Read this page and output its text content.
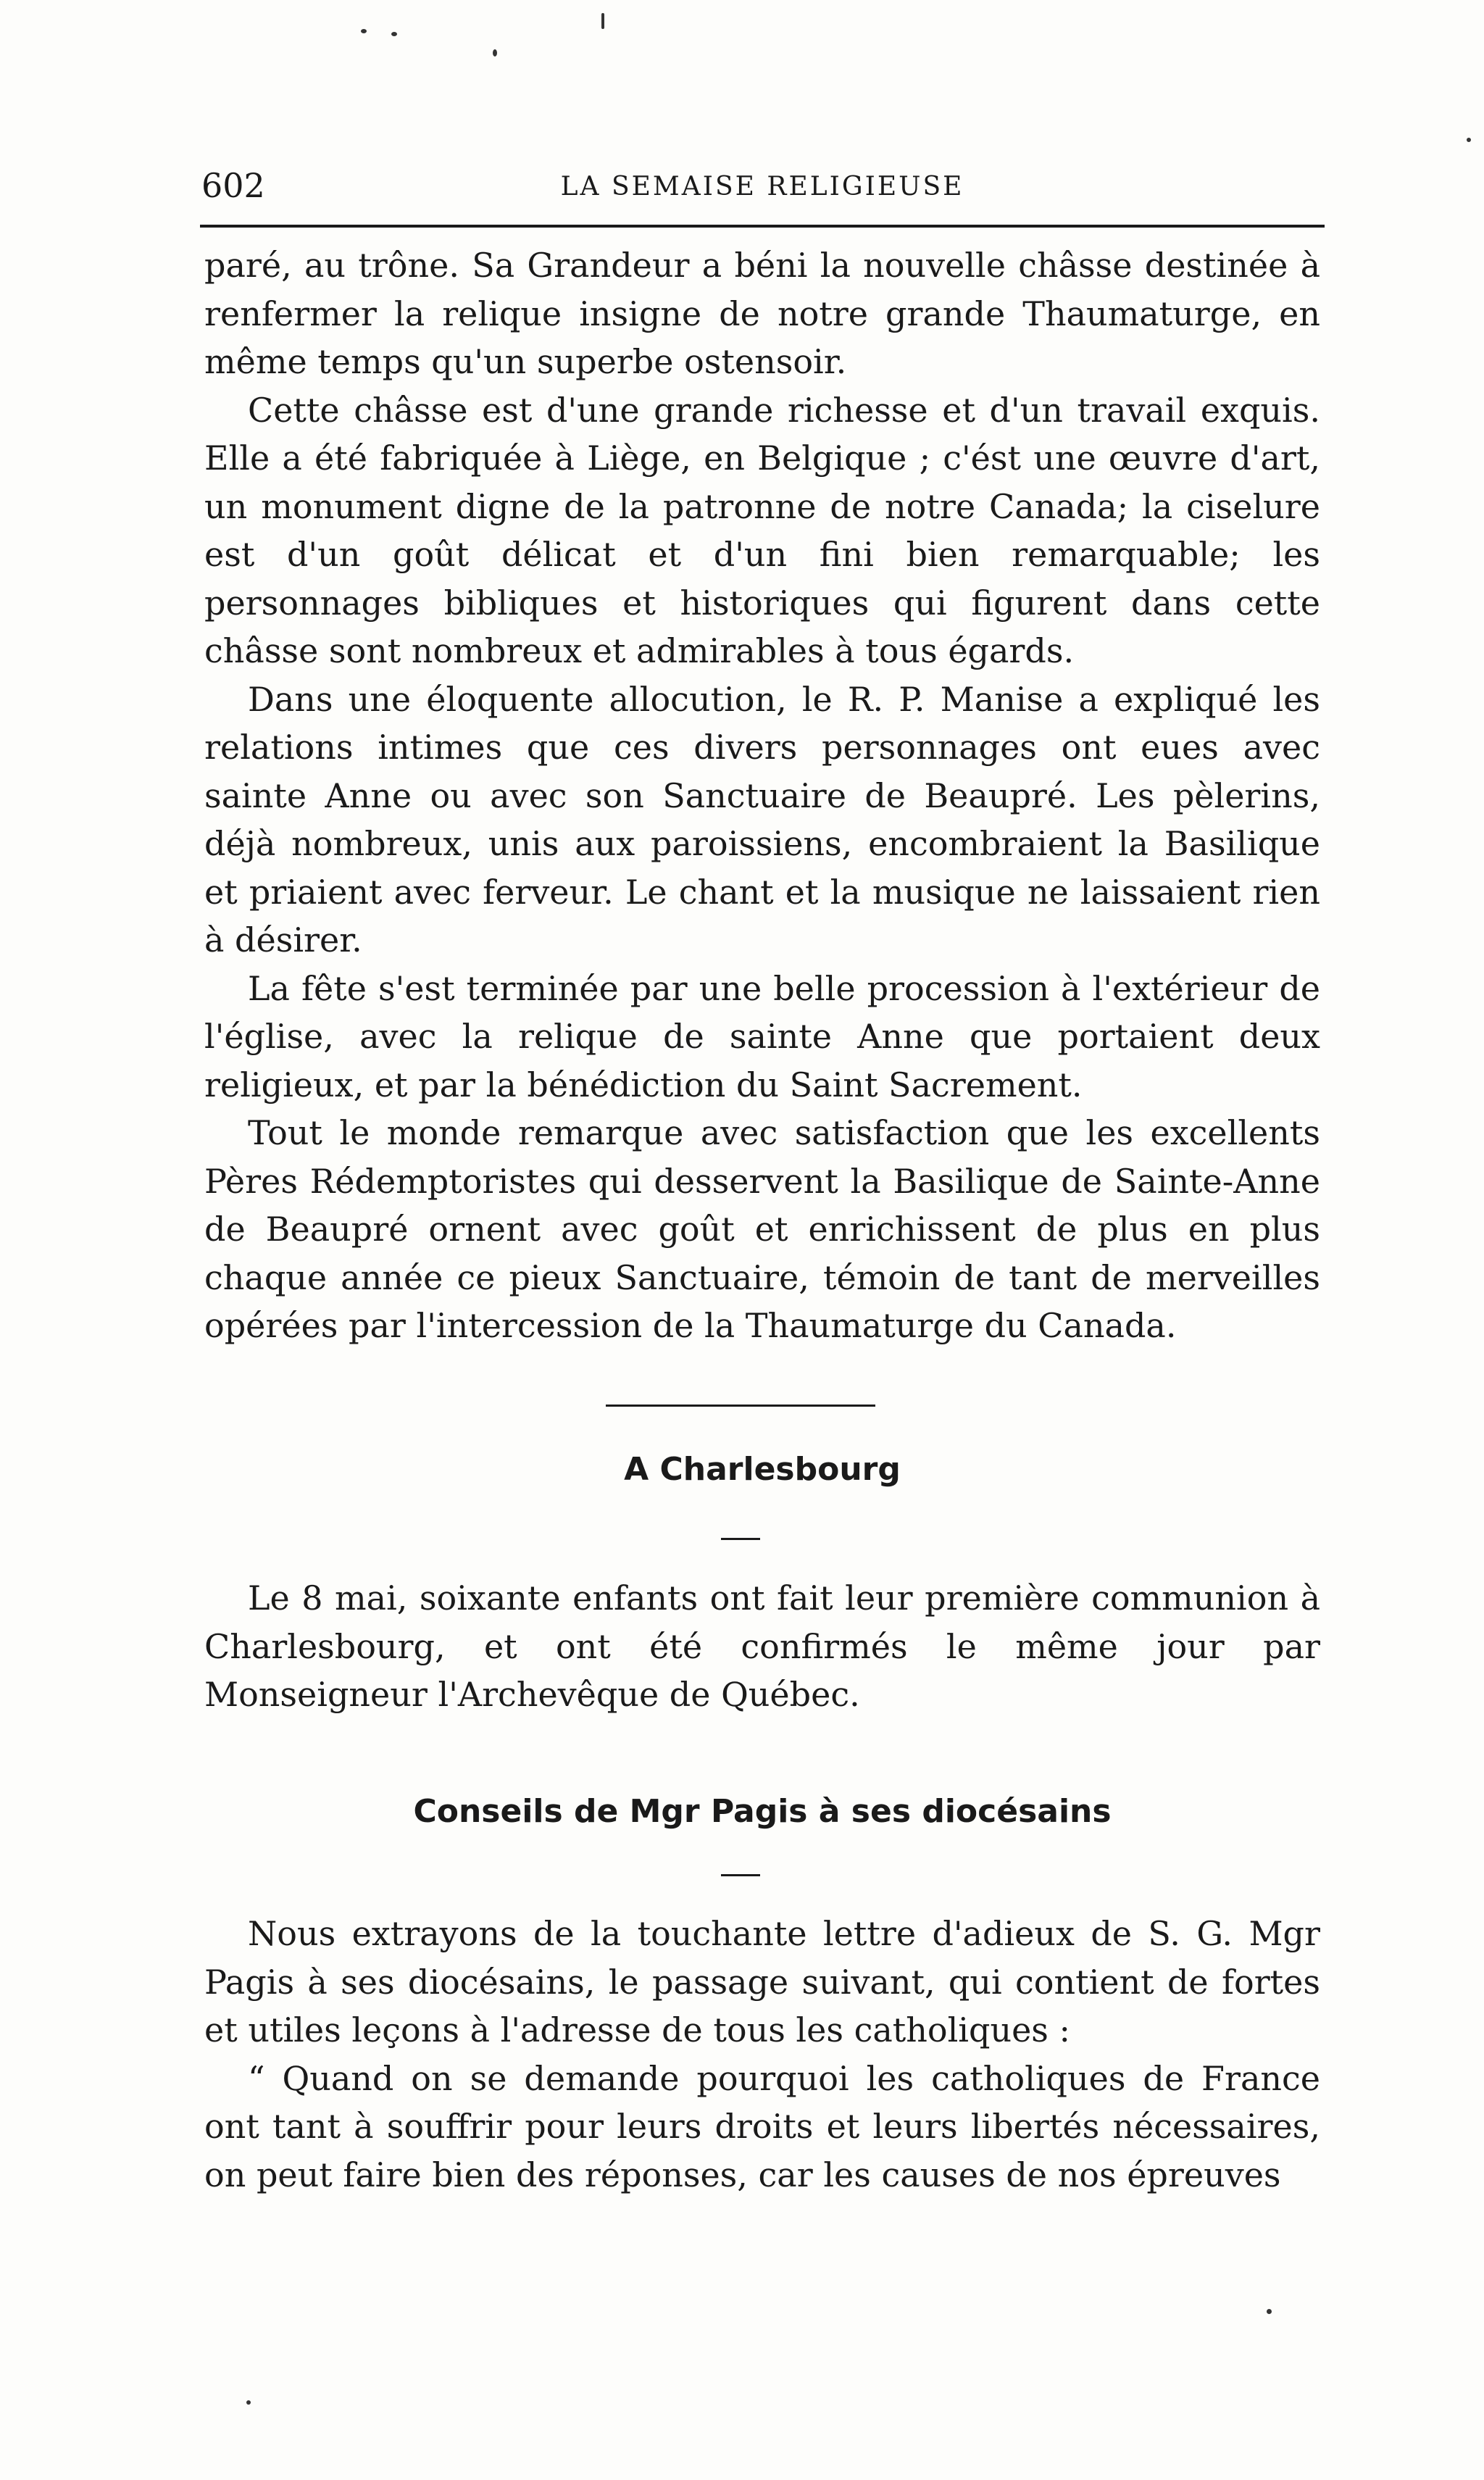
602	LA SEMAISE RELIGIEUSE

paré, au trône. Sa Grandeur a béni la nouvelle châsse destinée à renfermer la relique insigne de notre grande Thaumaturge, en même temps qu'un superbe ostensoir.

Cette châsse est d'une grande richesse et d'un travail exquis. Elle a été fabriquée à Liège, en Belgique ; c'ést une œuvre d'art, un monument digne de la patronne de notre Canada; la ciselure est d'un goût délicat et d'un fini bien remarquable; les personnages bibliques et historiques qui figurent dans cette châsse sont nombreux et admirables à tous égards.

Dans une éloquente allocution, le R. P. Manise a expliqué les relations intimes que ces divers personnages ont eues avec sainte Anne ou avec son Sanctuaire de Beaupré. Les pèlerins, déjà nombreux, unis aux paroissiens, encombraient la Basilique et priaient avec ferveur. Le chant et la musique ne laissaient rien à désirer.

La fête s'est terminée par une belle procession à l'extérieur de l'église, avec la relique de sainte Anne que portaient deux religieux, et par la bénédiction du Saint Sacrement.

Tout le monde remarque avec satisfaction que les excellents Pères Rédemptoristes qui desservent la Basilique de Sainte-Anne de Beaupré ornent avec goût et enrichissent de plus en plus chaque année ce pieux Sanctuaire, témoin de tant de merveilles opérées par l'intercession de la Thaumaturge du Canada.

A Charlesbourg

Le 8 mai, soixante enfants ont fait leur première communion à Charlesbourg, et ont été confirmés le même jour par Monseigneur l'Archevêque de Québec.

Conseils de Mgr Pagis à ses diocésains

Nous extrayons de la touchante lettre d'adieux de S. G. Mgr Pagis à ses diocésains, le passage suivant, qui contient de fortes et utiles leçons à l'adresse de tous les catholiques :

“ Quand on se demande pourquoi les catholiques de France ont tant à souffrir pour leurs droits et leurs libertés nécessaires, on peut faire bien des réponses, car les causes de nos épreuves
